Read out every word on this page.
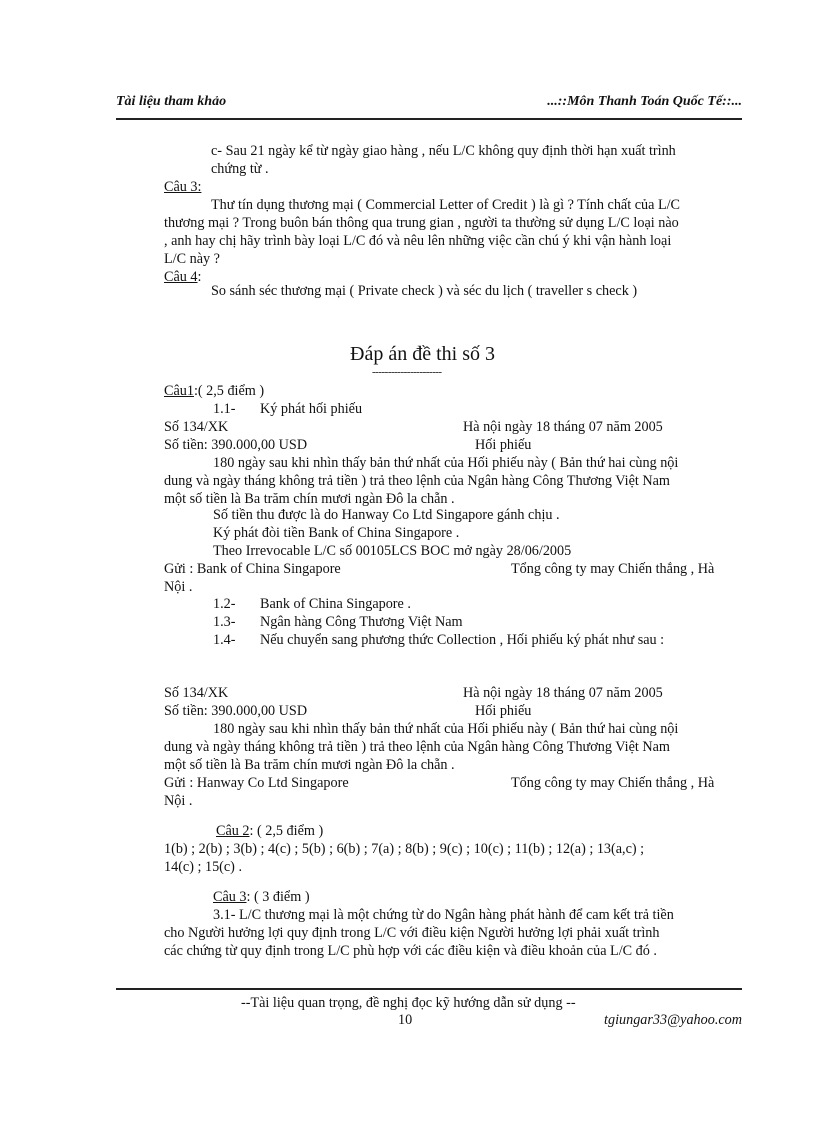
Tài liệu tham khảo	...::Môn Thanh Toán Quốc Tế::...
c- Sau 21 ngày kể từ ngày giao hàng , nếu L/C không quy định thời hạn xuất trình
chứng từ .
Câu 3:
Thư tín dụng thương mại ( Commercial Letter of Credit ) là gì ? Tính chất của L/C
thương mại ? Trong buôn bán thông qua trung gian , người ta thường sử dụng L/C loại nào
, anh hay chị hãy trình bày loại L/C đó và nêu lên những việc cần chú ý khi vận hành loại
L/C này ?
Câu 4:
So sánh séc thương mại ( Private check ) và séc du lịch ( traveller s check )
Đáp án đề thi số 3
----------------------
Câu1:( 2,5 điểm )
1.1- Ký phát hối phiếu
Số 134/XK	Hà nội ngày 18 tháng 07 năm 2005
Số tiền: 390.000,00 USD	Hối phiếu
180 ngày sau khi nhìn thấy bản thứ nhất của Hối phiếu này ( Bản thứ hai cùng nội
dung và ngày tháng không trả tiền ) trả theo lệnh của Ngân hàng Công Thương Việt Nam
một số tiền là Ba trăm chín mươi ngàn Đô la chẵn .
Số tiền thu được là do Hanway Co Ltd Singapore gánh chịu .
Ký phát đòi tiền Bank of China Singapore .
Theo Irrevocable L/C số 00105LCS BOC mở ngày 28/06/2005
Gửi : Bank of China Singapore	Tổng công ty may Chiến thắng , Hà
Nội .
1.2- Bank of China Singapore .
1.3- Ngân hàng Công Thương Việt Nam
1.4- Nếu chuyển sang phương thức Collection , Hối phiếu ký phát như sau :
Số 134/XK	Hà nội ngày 18 tháng 07 năm 2005
Số tiền: 390.000,00 USD	Hối phiếu
180 ngày sau khi nhìn thấy bản thứ nhất của Hối phiếu này ( Bản thứ hai cùng nội
dung và ngày tháng không trả tiền ) trả theo lệnh của Ngân hàng Công Thương Việt Nam
một số tiền là Ba trăm chín mươi ngàn Đô la chẵn .
Gửi : Hanway Co Ltd Singapore	Tổng công ty may Chiến thắng , Hà
Nội .
Câu 2: ( 2,5 điểm )
1(b) ; 2(b) ; 3(b) ; 4(c) ; 5(b) ; 6(b) ; 7(a) ; 8(b) ; 9(c) ; 10(c) ; 11(b) ; 12(a) ; 13(a,c) ;
14(c) ; 15(c) .
Câu 3: ( 3 điểm )
3.1- L/C thương mại là một chứng từ do Ngân hàng phát hành để cam kết trả tiền
cho Người hưởng lợi quy định trong L/C với điều kiện Người hưởng lợi phải xuất trình
các chứng từ quy định trong L/C phù hợp với các điều kiện và điều khoản của L/C đó .
--Tài liệu quan trọng, đề nghị đọc kỹ hướng dẫn sử dụng --
10	tgiungar33@yahoo.com
